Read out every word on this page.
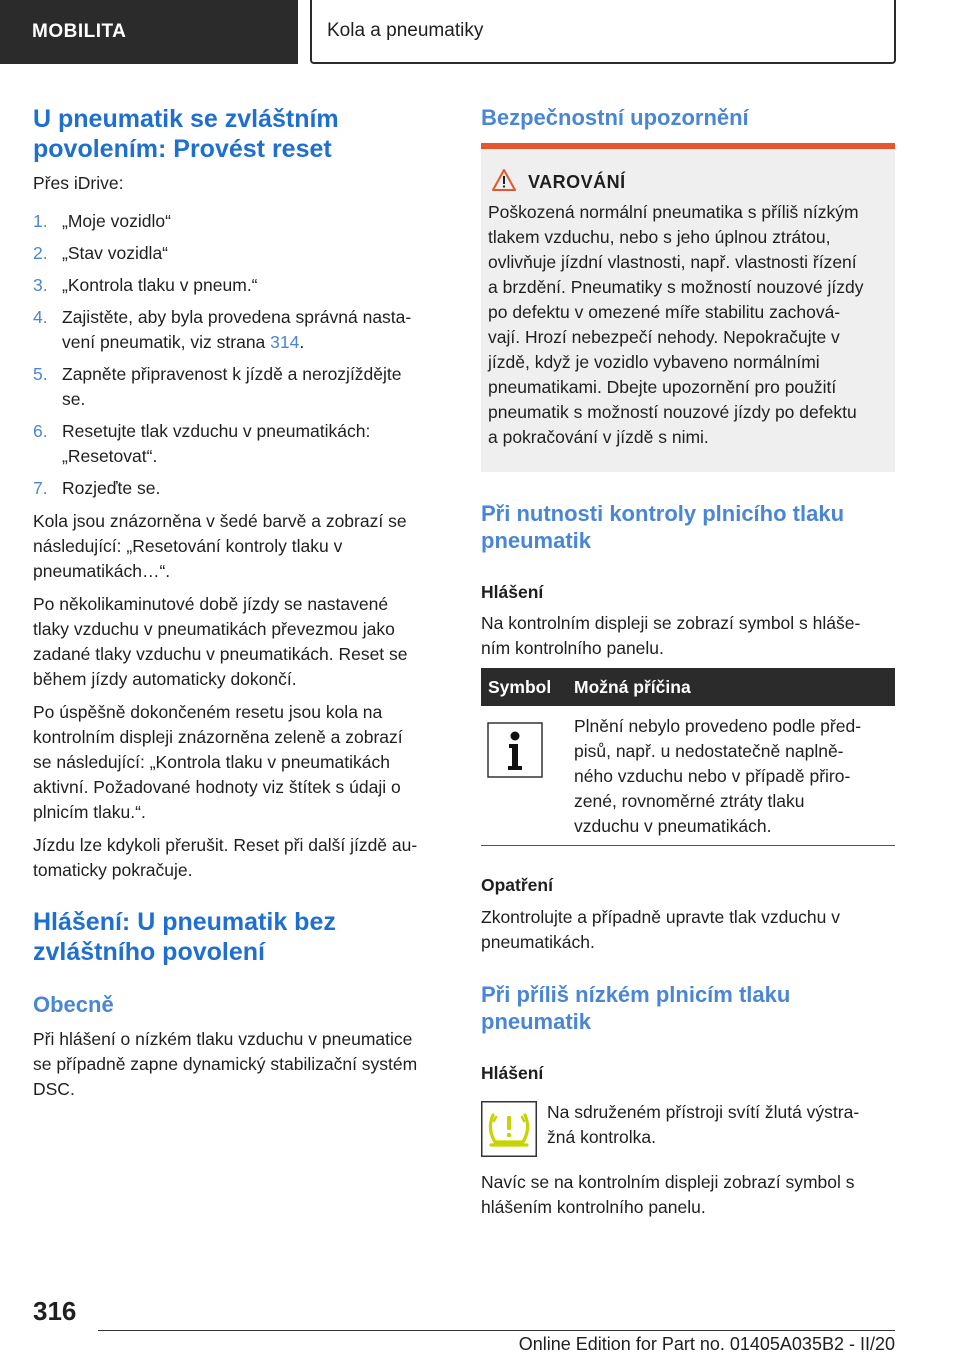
MOBILITA	Kola a pneumatiky
U pneumatik se zvláštním
povolením: Provést reset
Přes iDrive:
1. „Moje vozidlo“
2. „Stav vozidla“
3. „Kontrola tlaku v pneum.“
4. Zajistěte, aby byla provedena správná nasta‐
vení pneumatik, viz strana 314.
5. Zapněte připravenost k jízdě a nerozjíždějte
se.
6. Resetujte tlak vzduchu v pneumatikách:
„Resetovat“.
7. Rozjeďte se.
Kola jsou znázorněna v šedé barvě a zobrazí se
následující: „Resetování kontroly tlaku v
pneumatikách…“.
Po několikaminutové době jízdy se nastavené
tlaky vzduchu v pneumatikách převezmou jako
zadané tlaky vzduchu v pneumatikách. Reset se
během jízdy automaticky dokončí.
Po úspěšně dokončeném resetu jsou kola na
kontrolním displeji znázorněna zeleně a zobrazí
se následující: „Kontrola tlaku v pneumatikách
aktivní. Požadované hodnoty viz štítek s údaji o
plnicím tlaku.“.
Jízdu lze kdykoli přerušit. Reset při další jízdě au‐
tomaticky pokračuje.
Hlášení: U pneumatik bez
zvláštního povolení
Obecně
Při hlášení o nízkém tlaku vzduchu v pneumatice
se případně zapne dynamický stabilizační systém
DSC.
Bezpečnostní upozornění
VAROVÁNÍ
Poškozená normální pneumatika s příliš nízkým
tlakem vzduchu, nebo s jeho úplnou ztrátou,
ovlivňuje jízdní vlastnosti, např. vlastnosti řízení
a brzdění. Pneumatiky s možností nouzové jízdy
po defektu v omezené míře stabilitu zachová‐
vají. Hrozí nebezpečí nehody. Nepokračujte v
jízdě, když je vozidlo vybaveno normálními
pneumatikami. Dbejte upozornění pro použití
pneumatik s možností nouzové jízdy po defektu
a pokračování v jízdě s nimi.
Při nutnosti kontroly plnicího tlaku
pneumatik
Hlášení
Na kontrolním displeji se zobrazí symbol s hláše‐
ním kontrolního panelu.
Symbol	Možná příčina
Plnění nebylo provedeno podle před‐
pisů, např. u nedostatečně naplně‐
ného vzduchu nebo v případě přiro‐
zené, rovnoměrné ztráty tlaku
vzduchu v pneumatikách.
Opatření
Zkontrolujte a případně upravte tlak vzduchu v
pneumatikách.
Při příliš nízkém plnicím tlaku
pneumatik
Hlášení
Na sdruženém přístroji svítí žlutá výstra‐
žná kontrolka.
Navíc se na kontrolním displeji zobrazí symbol s
hlášením kontrolního panelu.
316
Online Edition for Part no. 01405A035B2 - II/20
